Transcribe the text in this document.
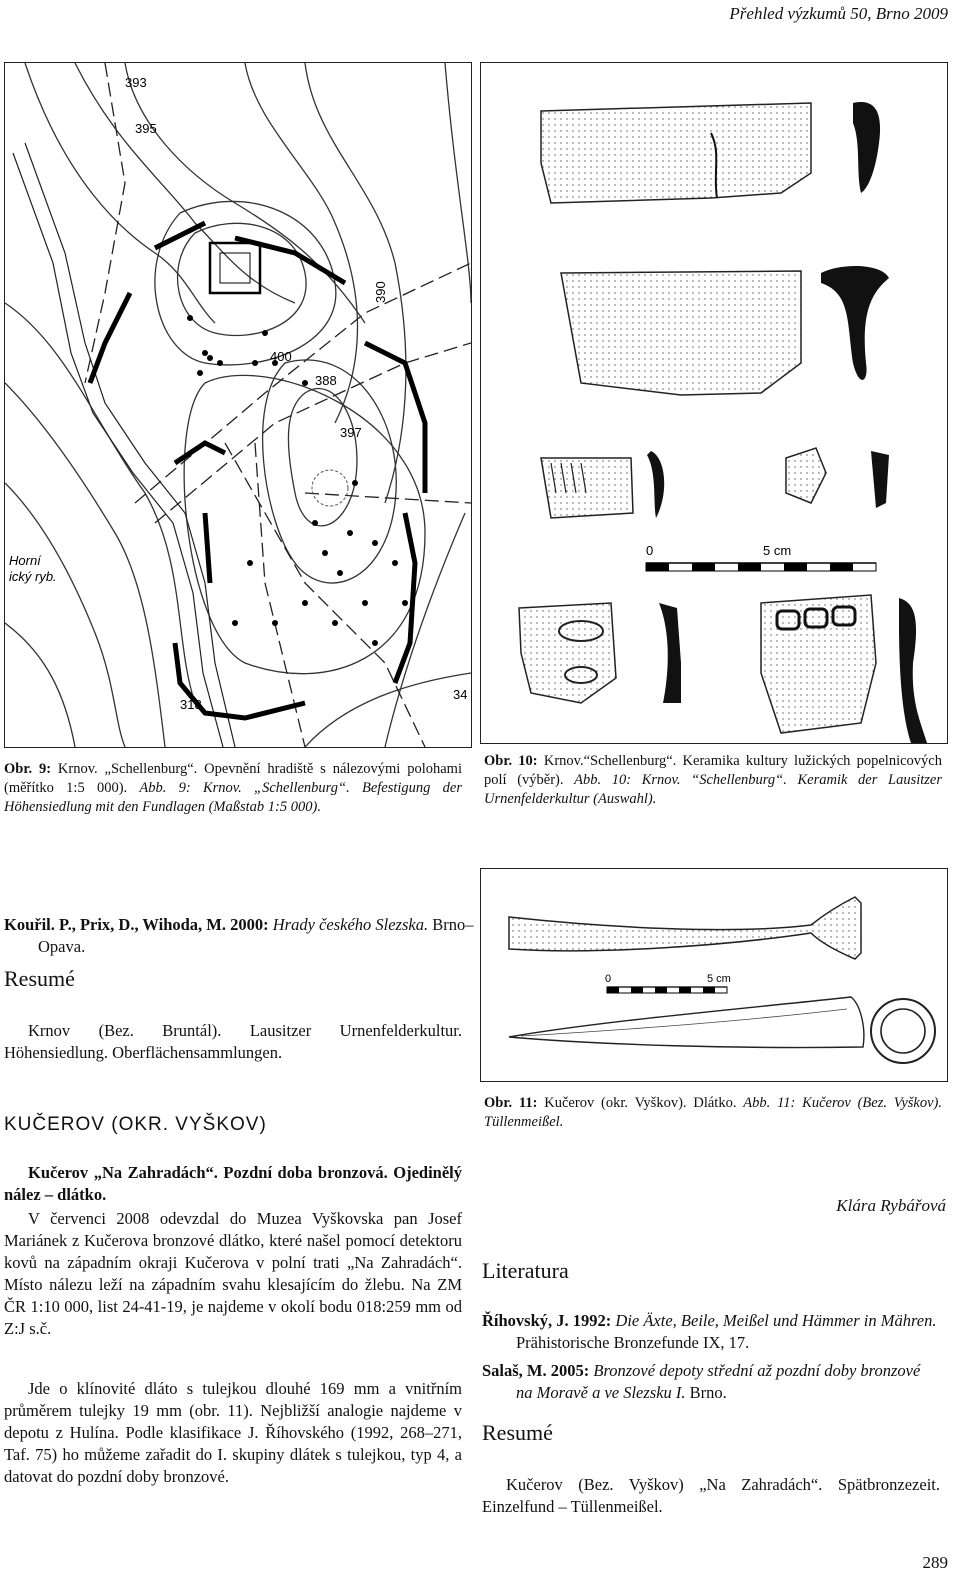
Přehled výzkumů 50, Brno 2009
393
395
390
400
388
397
318
34
Horní
ický ryb.
Obr. 9: Krnov. „Schellenburg“. Opevnění hradiště s nálezovými polohami (měřítko 1:5 000). Abb. 9: Krnov. „Schellenburg“. Befestigung der Höhensiedlung mit den Fundlagen (Maßstab 1:5 000).
0	5 cm
Obr. 10: Krnov.“Schellenburg“. Keramika kultury lužických popelnicových polí (výběr). Abb. 10: Krnov. “Schellenburg“. Keramik der Lausitzer Urnenfelderkultur (Auswahl).
0	5 cm
Obr. 11: Kučerov (okr. Vyškov). Dlátko. Abb. 11: Kučerov (Bez. Vyškov). Tüllenmeißel.
Kouřil. P., Prix, D., Wihoda, M. 2000: Hrady českého Slezska. Brno–Opava.
Resumé
Krnov (Bez. Bruntál). Lausitzer Urnenfelderkultur. Höhensiedlung. Oberflächensammlungen.
KUČEROV (OKR. VYŠKOV)
Kučerov „Na Zahradách“. Pozdní doba bronzová. Ojedinělý nález – dlátko.
V červenci 2008 odevzdal do Muzea Vyškovska pan Josef Mariánek z Kučerova bronzové dlátko, které našel pomocí detektoru kovů na západním okraji Kučerova v polní trati „Na Zahradách“. Místo nálezu leží na západním svahu klesajícím do žlebu. Na ZM ČR 1:10 000, list 24-41-19, je najdeme v okolí bodu 018:259 mm od Z:J s.č.
Jde o klínovité dláto s tulejkou dlouhé 169 mm a vnitřním průměrem tulejky 19 mm (obr. 11). Nejbližší analogie najdeme v depotu z Hulína. Podle klasifikace J. Říhovského (1992, 268–271, Taf. 75) ho můžeme zařadit do I. skupiny dlátek s tulejkou, typ 4, a datovat do pozdní doby bronzové.
Klára Rybářová
Literatura
Říhovský, J. 1992: Die Äxte, Beile, Meißel und Hämmer in Mähren. Prähistorische Bronzefunde IX, 17.
Salaš, M. 2005: Bronzové depoty střední až pozdní doby bronzové na Moravě a ve Slezsku I. Brno.
Resumé
Kučerov (Bez. Vyškov) „Na Zahradách“. Spätbronzezeit. Einzelfund – Tüllenmeißel.
289
